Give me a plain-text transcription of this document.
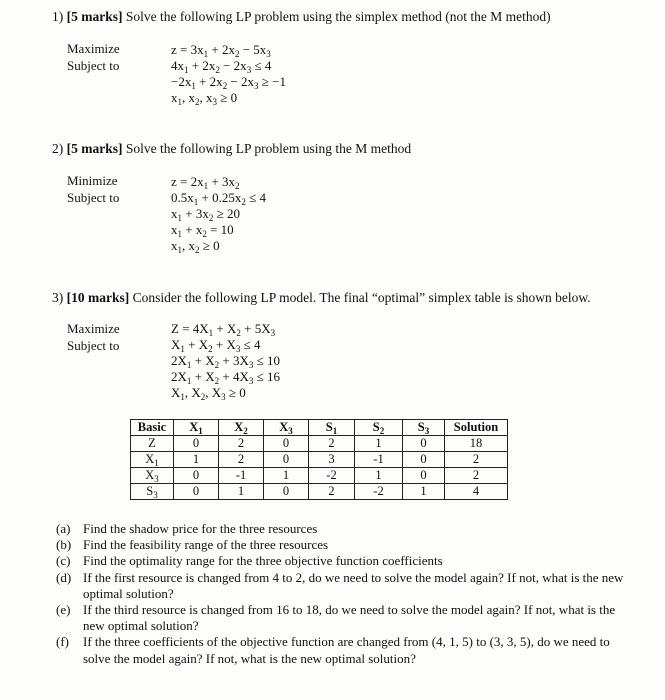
1) [5 marks] Solve the following LP problem using the simplex method (not the M method)
Maximize
Subject to
$z = 3x_1 + 2x_2 - 5x_3$
$4x_1 + 2x_2 - 2x_3 \le 4$
$-2x_1 + 2x_2 - 2x_3 \ge -1$
$x_1$, $x_2$, $x_3 \ge 0$
2) [5 marks] Solve the following LP problem using the M method
Minimize
Subject to
$z = 2x_1 + 3x_2$
$0.5x_1 + 0.25x_2 \le 4$
$x_1 + 3x_2 \ge 20$
$x_1 + x_2 = 10$
$x_1$, $x_2 \ge 0$
3) [10 marks] Consider the following LP model. The final “optimal” simplex table is shown below.
Maximize
Subject to
$Z = 4X_1 + X_2 + 5X_3$
$X_1 + X_2 + X_3 \le 4$
$2X_1 + X_2 + 3X_3 \le 10$
$2X_1 + X_2 + 4X_3 \le 16$
$X_1$, $X_2$, $X_3 \ge 0$
Basic	$X_1$	$X_2$	$X_3$	$S_1$	$S_2$	$S_3$	Solution
Z	0	2	0	2	1	0	18
$X_1$	1	2	0	3	-1	0	2
$X_3$	0	-1	1	-2	1	0	2
$S_3$	0	1	0	2	-2	1	4
(a) Find the shadow price for the three resources
(b) Find the feasibility range of the three resources
(c) Find the optimality range for the three objective function coefficients
(d) If the first resource is changed from 4 to 2, do we need to solve the model again? If not, what is the new optimal solution?
(e) If the third resource is changed from 16 to 18, do we need to solve the model again? If not, what is the new optimal solution?
(f)	If the three coefficients of the objective function are changed from (4, 1, 5) to (3, 3, 5), do we need to solve the model again? If not, what is the new optimal solution?
